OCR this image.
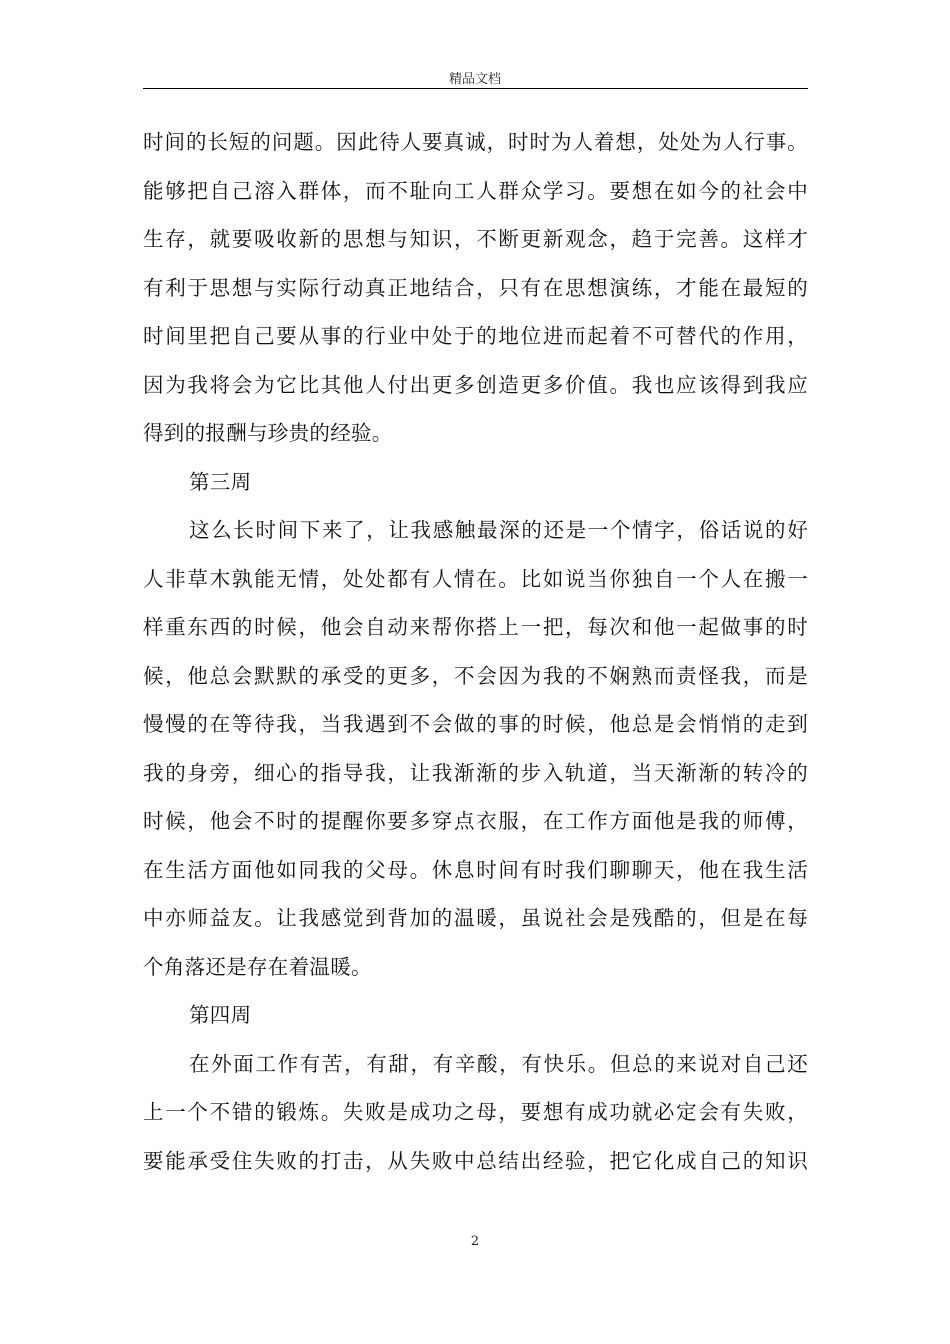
精品文档
时间的长短的问题。因此待人要真诚，时时为人着想，处处为人行事。
能够把自己溶入群体，而不耻向工人群众学习。要想在如今的社会中
生存，就要吸收新的思想与知识，不断更新观念，趋于完善。这样才
有利于思想与实际行动真正地结合，只有在思想演练，才能在最短的
时间里把自己要从事的行业中处于的地位进而起着不可替代的作用，
因为我将会为它比其他人付出更多创造更多价值。我也应该得到我应
得到的报酬与珍贵的经验。
第三周
这么长时间下来了，让我感触最深的还是一个情字，俗话说的好
人非草木孰能无情，处处都有人情在。比如说当你独自一个人在搬一
样重东西的时候，他会自动来帮你搭上一把，每次和他一起做事的时
候，他总会默默的承受的更多，不会因为我的不娴熟而责怪我，而是
慢慢的在等待我，当我遇到不会做的事的时候，他总是会悄悄的走到
我的身旁，细心的指导我，让我渐渐的步入轨道，当天渐渐的转冷的
时候，他会不时的提醒你要多穿点衣服，在工作方面他是我的师傅，
在生活方面他如同我的父母。休息时间有时我们聊聊天，他在我生活
中亦师益友。让我感觉到背加的温暖，虽说社会是残酷的，但是在每
个角落还是存在着温暖。
第四周
在外面工作有苦，有甜，有辛酸，有快乐。但总的来说对自己还
上一个不错的锻炼。失败是成功之母，要想有成功就必定会有失败，
要能承受住失败的打击，从失败中总结出经验，把它化成自己的知识
2
